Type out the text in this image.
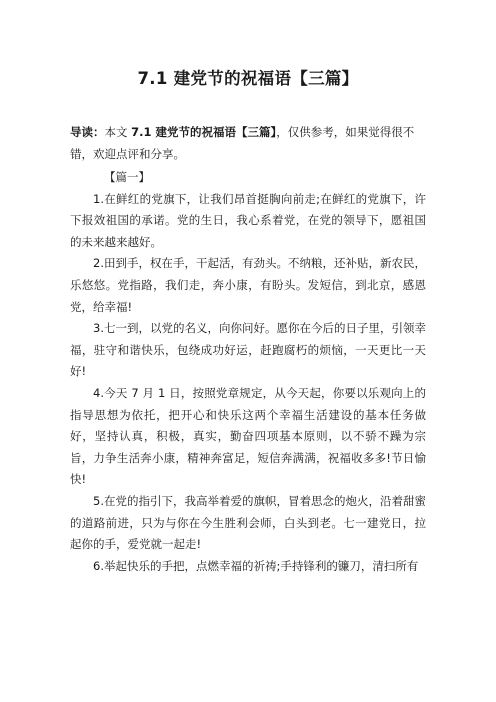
7.1 建党节的祝福语【三篇】

导读：本文 7.1 建党节的祝福语【三篇】，仅供参考，如果觉得很不错，欢迎点评和分享。

【篇一】

1.在鲜红的党旗下，让我们昂首挺胸向前走;在鲜红的党旗下，许下报效祖国的承诺。党的生日，我心系着党，在党的领导下，愿祖国的未来越来越好。

2.田到手，权在手，干起活，有劲头。不纳粮，还补贴，新农民，乐悠悠。党指路，我们走，奔小康，有盼头。发短信，到北京，感恩党，给幸福!

3.七一到，以党的名义，向你问好。愿你在今后的日子里，引领幸福，驻守和谐快乐，包绕成功好运，赶跑腐朽的烦恼，一天更比一天好!

4.今天 7 月 1 日，按照党章规定，从今天起，你要以乐观向上的指导思想为依托，把开心和快乐这两个幸福生活建设的基本任务做好，坚持认真，积极，真实，勤奋四项基本原则，以不骄不躁为宗旨，力争生活奔小康，精神奔富足，短信奔满满，祝福收多多!节日愉快!

5.在党的指引下，我高举着爱的旗帜，冒着思念的炮火，沿着甜蜜的道路前进，只为与你在今生胜利会师，白头到老。七一建党日，拉起你的手，爱党就一起走!

6.举起快乐的手把，点燃幸福的祈祷;手持锋利的镰刀，清扫所有
